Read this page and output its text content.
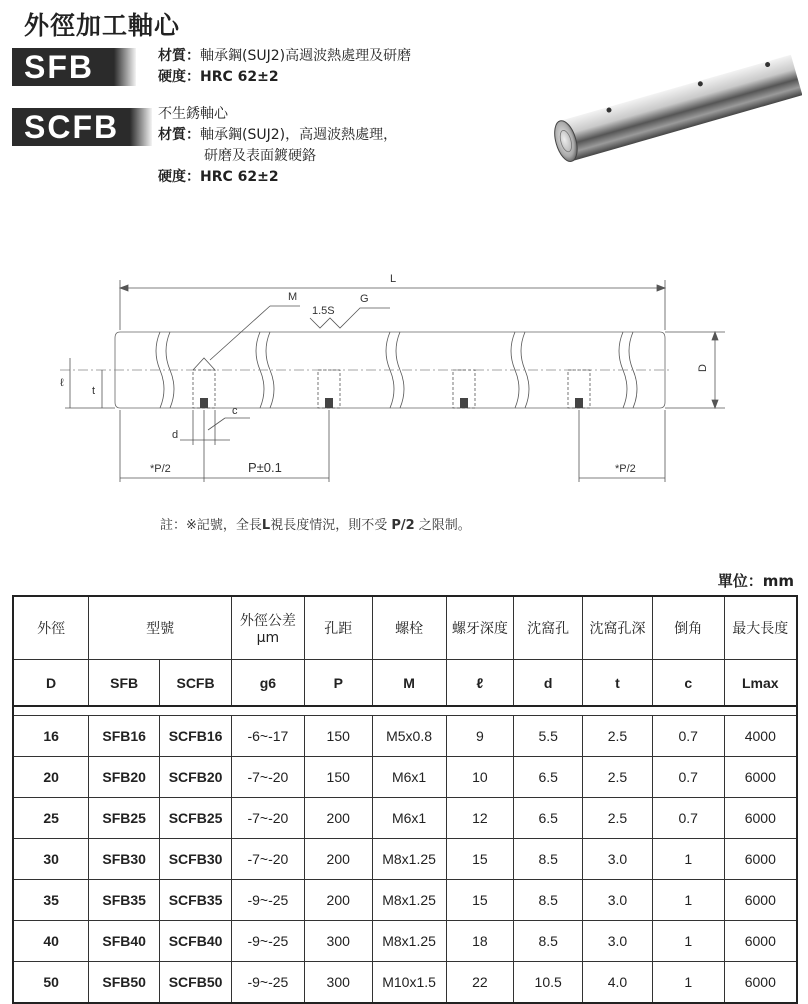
外徑加工軸心
SFB	材質：軸承鋼(SUJ2)高週波熱處理及研磨
硬度：HRC 62±2
SCFB	不生銹軸心
材質：軸承鋼(SUJ2)，高週波熱處理，
研磨及表面鍍硬鉻
硬度：HRC 62±2
L
M	G
1.5S
D
ℓ
t
d
c
*P/2	P±0.1	*P/2
註：※記號，全長L視長度情況，則不受 P/2 之限制。
單位：mm
外徑	型號		外徑公差μm	孔距	螺栓	螺牙深度	沈窩孔	沈窩孔深	倒角	最大長度
D	SFB	SCFB	g6	P	M	ℓ	d	t	c	Lmax

16	SFB16	SCFB16	-6~-17	150	M5x0.8	9	5.5	2.5	0.7	4000
20	SFB20	SCFB20	-7~-20	150	M6x1	10	6.5	2.5	0.7	6000
25	SFB25	SCFB25	-7~-20	200	M6x1	12	6.5	2.5	0.7	6000
30	SFB30	SCFB30	-7~-20	200	M8x1.25	15	8.5	3.0	1	6000
35	SFB35	SCFB35	-9~-25	200	M8x1.25	15	8.5	3.0	1	6000
40	SFB40	SCFB40	-9~-25	300	M8x1.25	18	8.5	3.0	1	6000
50	SFB50	SCFB50	-9~-25	300	M10x1.5	22	10.5	4.0	1	6000
